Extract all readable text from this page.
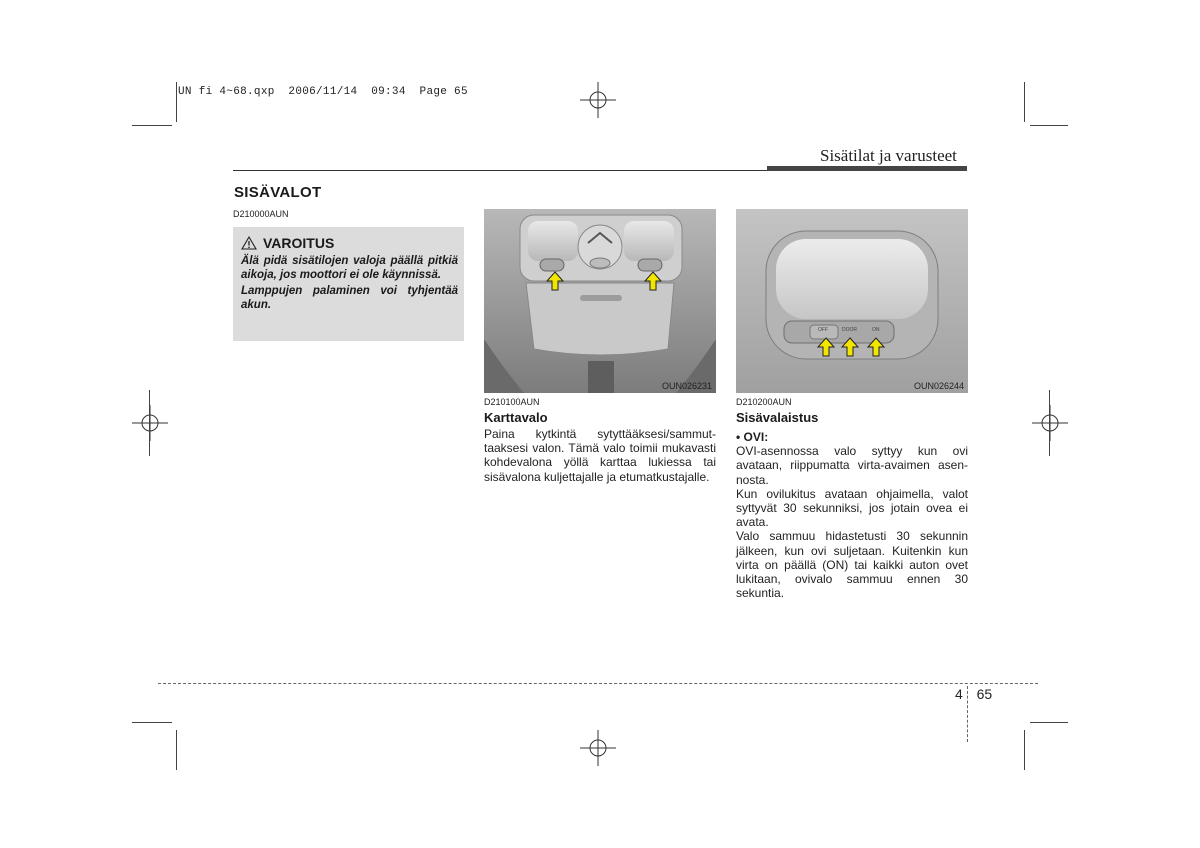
UN fi 4~68.qxp  2006/11/14  09:34  Page 65
Sisätilat ja varusteet
SISÄVALOT
D210000AUN
VAROITUS

Älä pidä sisätilojen valoja päällä pitkiä aikoja, jos moottori ei ole käynnissä.

Lamppujen palaminen voi tyhjentää akun.

OUN026231
OFF	DOOR	ON
OUN026244
D210100AUN
Karttavalo

Paina kytkintä sytyttääksesi/sammuttaaksesi valon. Tämä valo toimii mukavasti kohdevalona yöllä karttaa lukiessa tai sisävalona kuljettajalle ja etumatkustajalle.

D210200AUN
Sisävalaistus

• OVI:

OVI-asennossa valo syttyy kun ovi avataan, riippumatta virta-avaimen asennosta.

Kun ovilukitus avataan ohjaimella, valot syttyvät 30 sekunniksi, jos jotain ovea ei avata.

Valo sammuu hidastetusti 30 sekunnin jälkeen, kun ovi suljetaan. Kuitenkin kun virta on päällä (ON) tai kaikki auton ovet lukitaan, ovivalo sammuu ennen 30 sekuntia.

4 65
